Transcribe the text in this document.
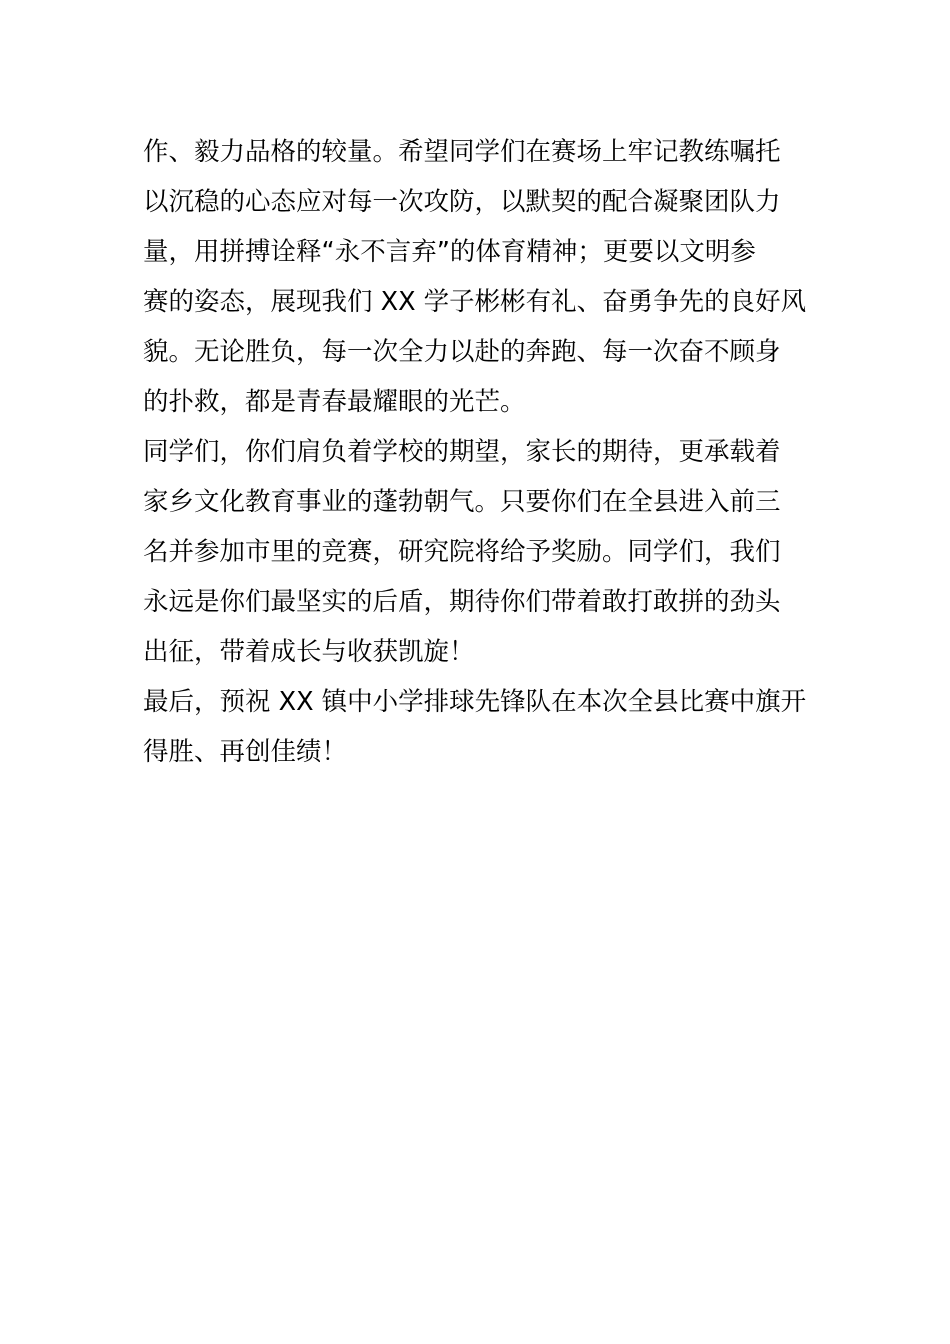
作、毅力品格的较量。希望同学们在赛场上牢记教练嘱托
以沉稳的心态应对每一次攻防，以默契的配合凝聚团队力
量，用拼搏诠释“永不言弃”的体育精神；更要以文明参
赛的姿态，展现我们 XX 学子彬彬有礼、奋勇争先的良好风
貌。无论胜负，每一次全力以赴的奔跑、每一次奋不顾身
的扑救，都是青春最耀眼的光芒。
同学们，你们肩负着学校的期望，家长的期待，更承载着
家乡文化教育事业的蓬勃朝气。只要你们在全县进入前三
名并参加市里的竞赛，研究院将给予奖励。同学们，我们
永远是你们最坚实的后盾，期待你们带着敢打敢拼的劲头
出征，带着成长与收获凯旋！
最后，预祝 XX 镇中小学排球先锋队在本次全县比赛中旗开
得胜、再创佳绩！
